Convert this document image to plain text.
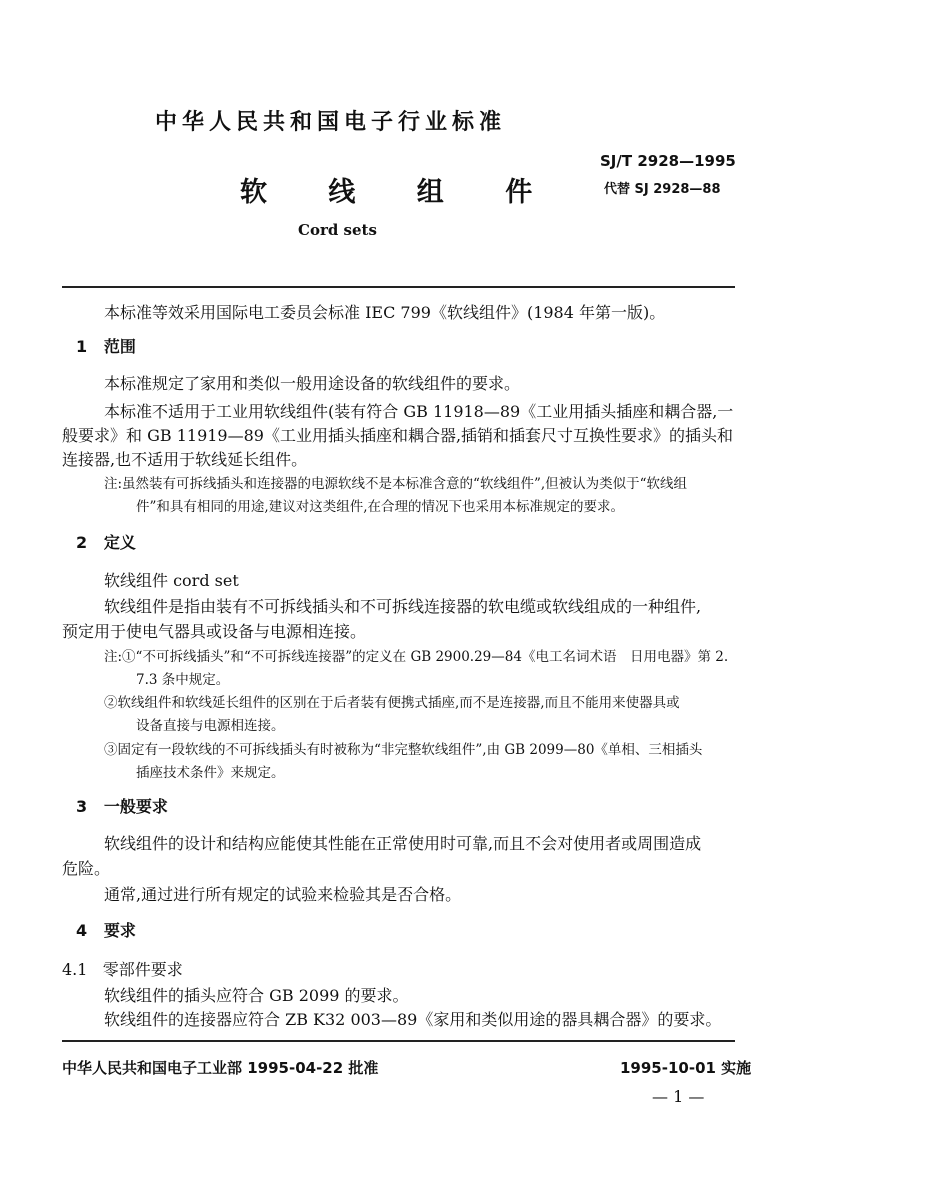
中华人民共和国电子行业标准
SJ/T 2928—1995
代替 SJ 2928—88
软 线 组 件
Cord sets
本标准等效采用国际电工委员会标准 IEC 799《软线组件》(1984 年第一版)。
1 范围
本标准规定了家用和类似一般用途设备的软线组件的要求。
本标准不适用于工业用软线组件(装有符合 GB 11918—89《工业用插头插座和耦合器,一
般要求》和 GB 11919—89《工业用插头插座和耦合器,插销和插套尺寸互换性要求》的插头和
连接器,也不适用于软线延长组件。
注:虽然装有可拆线插头和连接器的电源软线不是本标准含意的“软线组件”,但被认为类似于“软线组
件”和具有相同的用途,建议对这类组件,在合理的情况下也采用本标准规定的要求。
2 定义
软线组件 cord set
软线组件是指由装有不可拆线插头和不可拆线连接器的软电缆或软线组成的一种组件,
预定用于使电气器具或设备与电源相连接。
注:①“不可拆线插头”和“不可拆线连接器”的定义在 GB 2900.29—84《电工名词术语　日用电器》第 2.
7.3 条中规定。
②软线组件和软线延长组件的区别在于后者装有便携式插座,而不是连接器,而且不能用来使器具或
设备直接与电源相连接。
③固定有一段软线的不可拆线插头有时被称为“非完整软线组件”,由 GB 2099—80《单相、三相插头
插座技术条件》来规定。
3 一般要求
软线组件的设计和结构应能使其性能在正常使用时可靠,而且不会对使用者或周围造成
危险。
通常,通过进行所有规定的试验来检验其是否合格。
4 要求
4.1 零部件要求
软线组件的插头应符合 GB 2099 的要求。
软线组件的连接器应符合 ZB K32 003—89《家用和类似用途的器具耦合器》的要求。
中华人民共和国电子工业部 1995-04-22 批准	1995-10-01 实施
— 1 —
